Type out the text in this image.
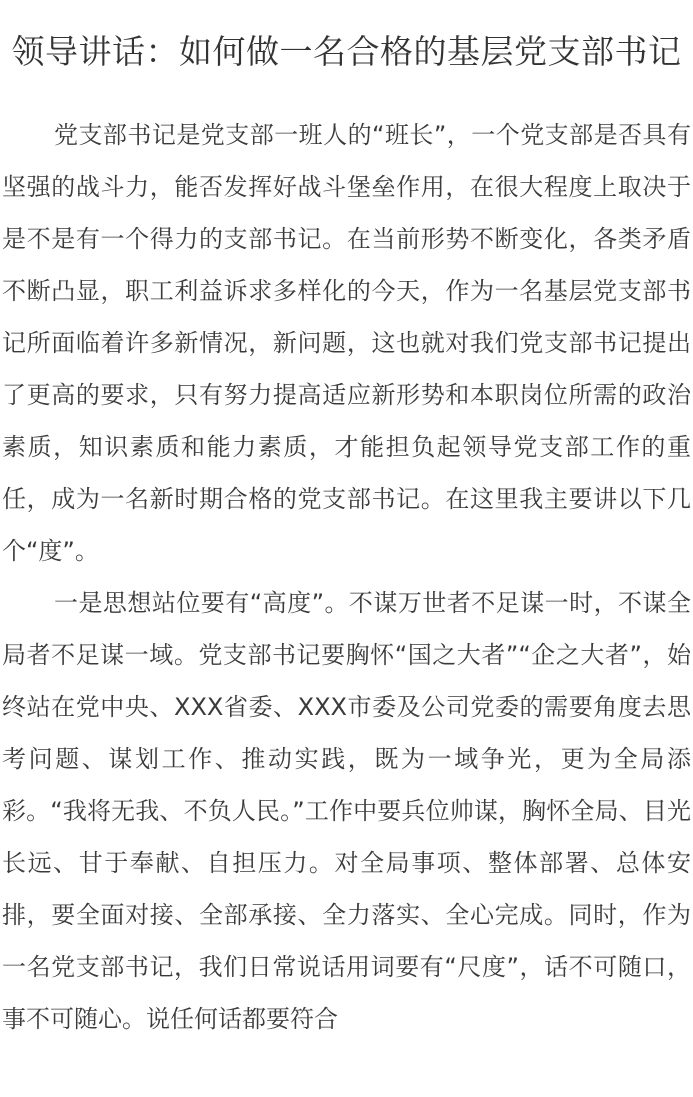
领导讲话：如何做一名合格的基层党支部书记

党支部书记是党支部一班人的“班长”，一个党支部是否具有坚强的战斗力，能否发挥好战斗堡垒作用，在很大程度上取决于是不是有一个得力的支部书记。在当前形势不断变化，各类矛盾不断凸显，职工利益诉求多样化的今天，作为一名基层党支部书记所面临着许多新情况，新问题，这也就对我们党支部书记提出了更高的要求，只有努力提高适应新形势和本职岗位所需的政治素质，知识素质和能力素质，才能担负起领导党支部工作的重任，成为一名新时期合格的党支部书记。在这里我主要讲以下几个“度”。

一是思想站位要有“高度”。不谋万世者不足谋一时，不谋全局者不足谋一域。党支部书记要胸怀“国之大者”“企之大者”，始终站在党中央、XXX省委、XXX市委及公司党委的需要角度去思考问题、谋划工作、推动实践，既为一域争光，更为全局添彩。“我将无我、不负人民。”工作中要兵位帅谋，胸怀全局、目光长远、甘于奉献、自担压力。对全局事项、整体部署、总体安排，要全面对接、全部承接、全力落实、全心完成。同时，作为一名党支部书记，我们日常说话用词要有“尺度”，话不可随口，事不可随心。说任何话都要符合
